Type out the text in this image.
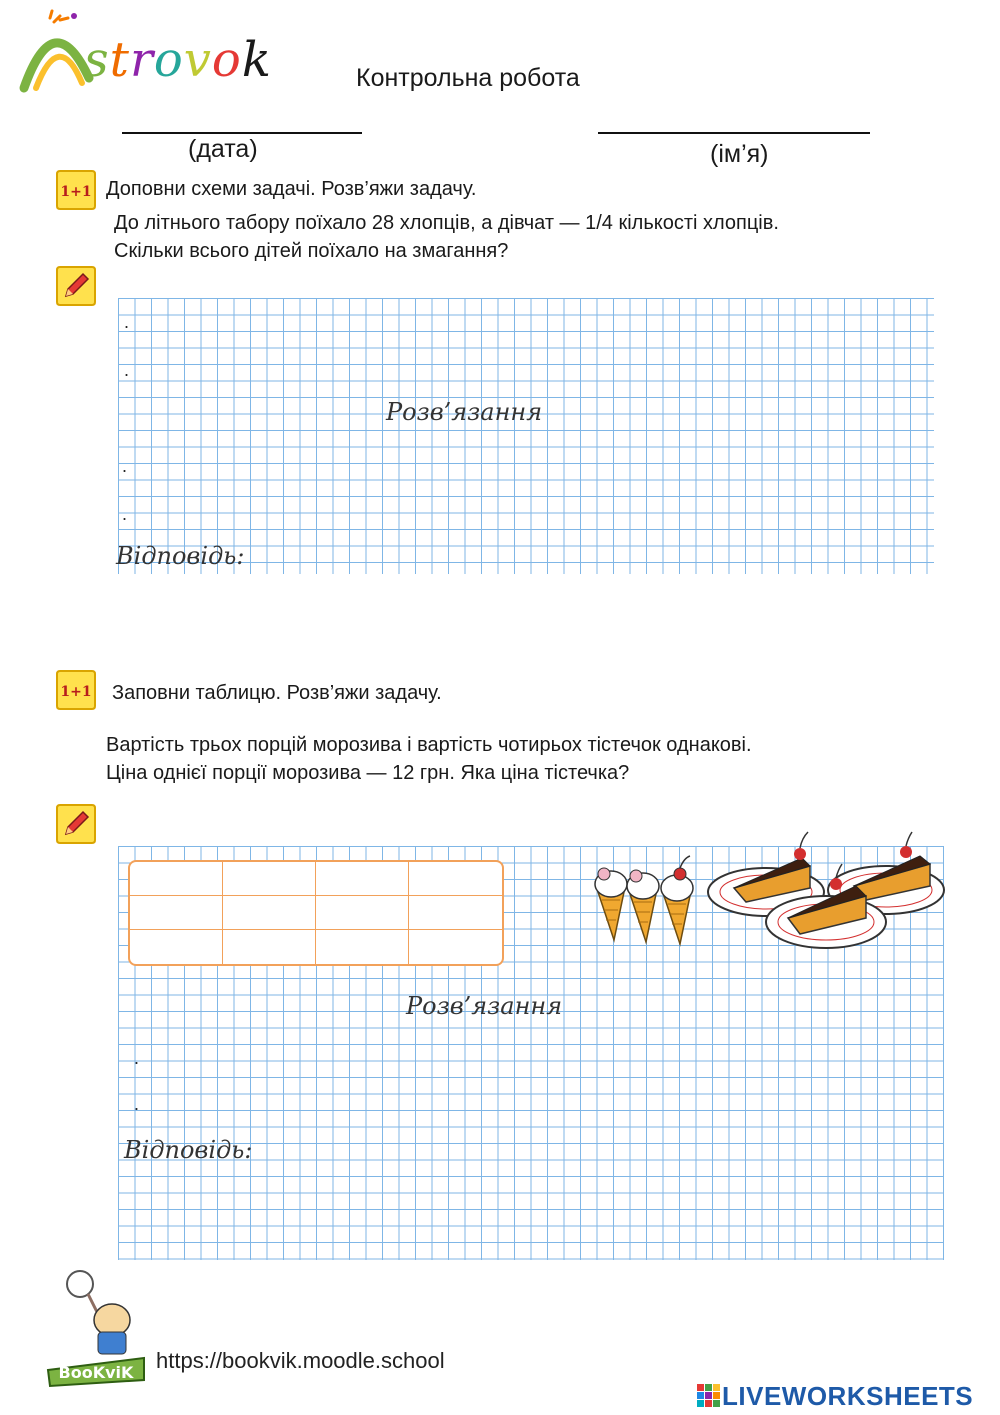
strovok	Контрольна робота
(дата)	(ім’я)
1+1 Доповни схеми задачі. Розв’яжи задачу.
До літнього табору поїхало 28 хлопців, а дівчат — 1/4 кількості хлопців.
Скільки всього дітей поїхало на змагання?
.
.
.
.
Розв’язання
Відповідь:
1+1 Заповни таблицю. Розв’яжи задачу.
Вартість трьох порцій морозива і вартість чотирьох тістечок однакові.
Ціна однієї порції морозива — 12 грн. Яка ціна тістечка?
Розв’язання
.
.
Відповідь:
BooKviK https://bookvik.moodle.school
LIVEWORKSHEETS
